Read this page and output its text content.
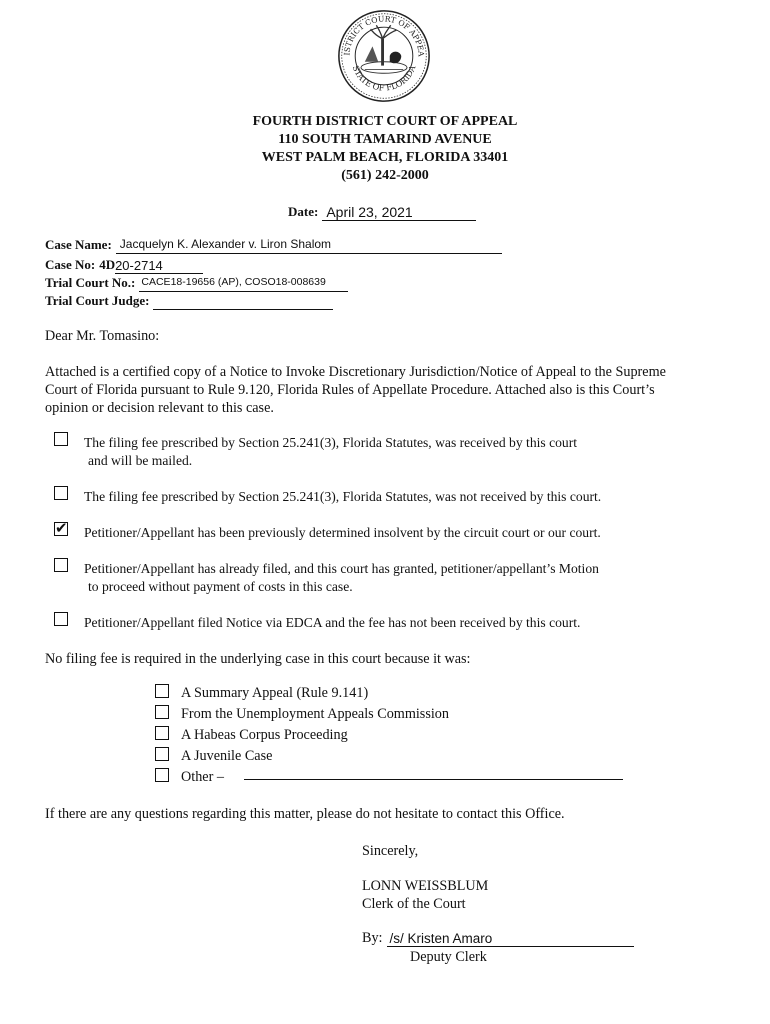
ISTRICT COURT OF APPEA
STATE OF FLORIDA
FOURTH DISTRICT COURT OF APPEAL
110 SOUTH TAMARIND AVENUE
WEST PALM BEACH, FLORIDA 33401
(561) 242-2000
Date: April 23, 2021
Case Name: Jacquelyn K. Alexander v. Liron Shalom
Case No: 4D20-2714
Trial Court No.: CACE18-19656 (AP), COSO18-008639
Trial Court Judge:
Dear Mr. Tomasino:
Attached is a certified copy of a Notice to Invoke Discretionary Jurisdiction/Notice of Appeal to the Supreme
Court of Florida pursuant to Rule 9.120, Florida Rules of Appellate Procedure. Attached also is this Court’s
opinion or decision relevant to this case.
The filing fee prescribed by Section 25.241(3), Florida Statutes, was received by this court
and will be mailed.
The filing fee prescribed by Section 25.241(3), Florida Statutes, was not received by this court.
✔
Petitioner/Appellant has been previously determined insolvent by the circuit court or our court.
Petitioner/Appellant has already filed, and this court has granted, petitioner/appellant’s Motion
to proceed without payment of costs in this case.
Petitioner/Appellant filed Notice via EDCA and the fee has not been received by this court.
No filing fee is required in the underlying case in this court because it was:
A Summary Appeal (Rule 9.141)
From the Unemployment Appeals Commission
A Habeas Corpus Proceeding
A Juvenile Case
Other –
If there are any questions regarding this matter, please do not hesitate to contact this Office.
Sincerely,
LONN WEISSBLUM
Clerk of the Court
By: /s/ Kristen Amaro
Deputy Clerk
